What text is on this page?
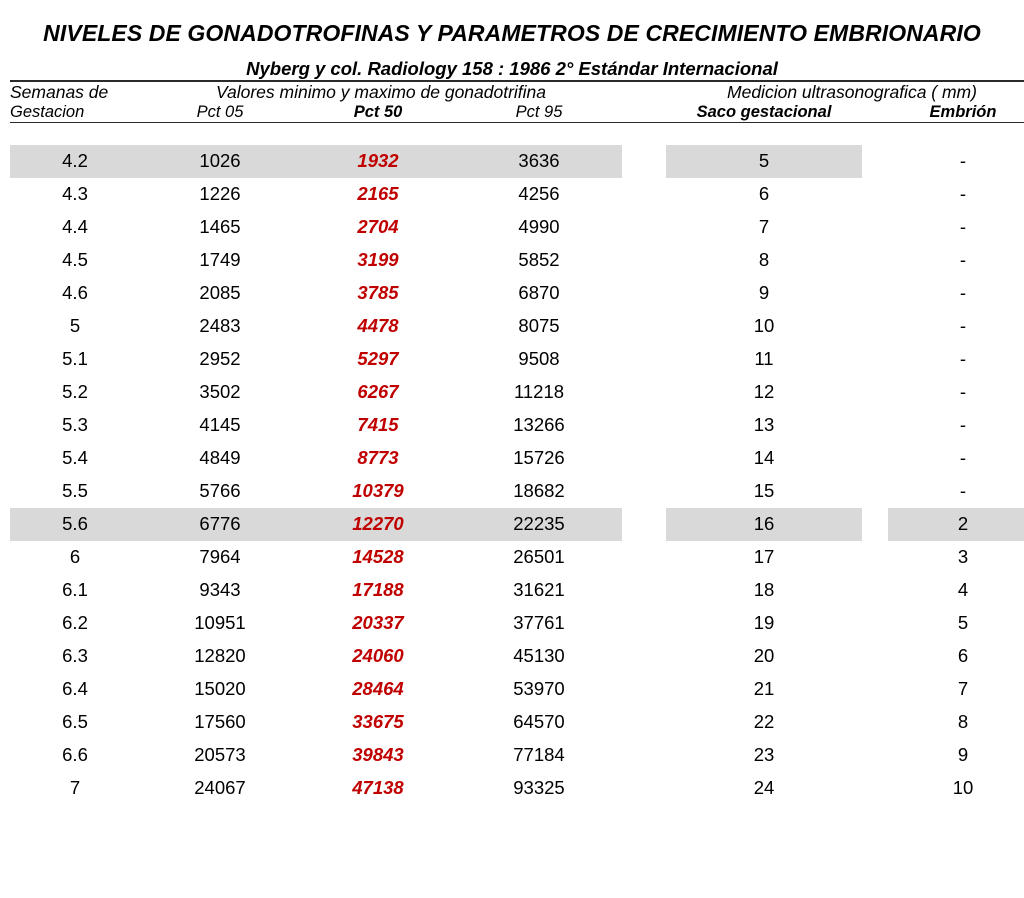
NIVELES DE GONADOTROFINAS Y PARAMETROS DE CRECIMIENTO EMBRIONARIO
Nyberg y col. Radiology 158 : 1986 2° Estándar Internacional

Semanas de	Valores minimo y maximo de gonadotrifina				Medicion ultrasonografica ( mm)		
Gestacion	Pct 05	Pct 50	Pct 95		Saco gestacional		Embrión

4.2	1026	1932	3636		5		-
4.3	1226	2165	4256		6		-
4.4	1465	2704	4990		7		-
4.5	1749	3199	5852		8		-
4.6	2085	3785	6870		9		-
5	2483	4478	8075		10		-
5.1	2952	5297	9508		11		-
5.2	3502	6267	11218		12		-
5.3	4145	7415	13266		13		-
5.4	4849	8773	15726		14		-
5.5	5766	10379	18682		15		-
5.6	6776	12270	22235		16		2
6	7964	14528	26501		17		3
6.1	9343	17188	31621		18		4
6.2	10951	20337	37761		19		5
6.3	12820	24060	45130		20		6
6.4	15020	28464	53970		21		7
6.5	17560	33675	64570		22		8
6.6	20573	39843	77184		23		9
7	24067	47138	93325		24		10
